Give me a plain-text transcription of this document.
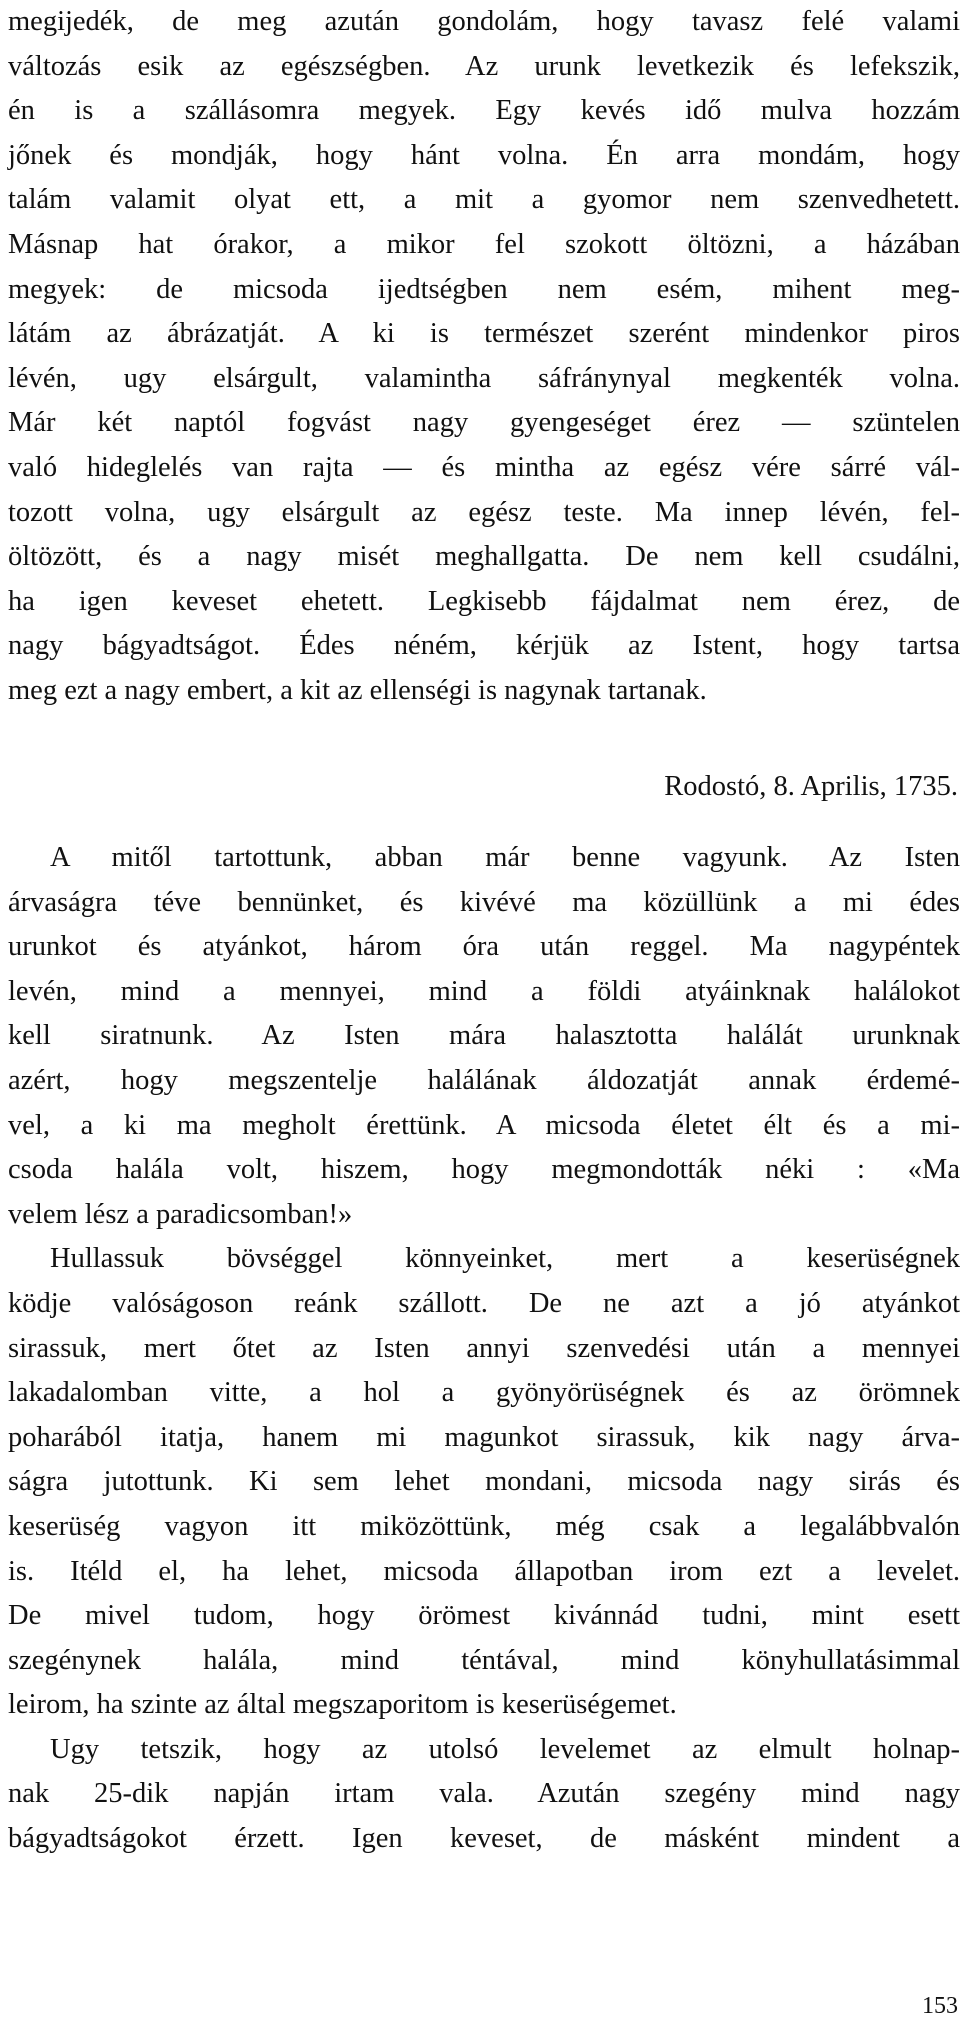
megijedék, de meg azután gondolám, hogy tavasz felé valami
változás esik az egészségben. Az urunk levetkezik és lefekszik,
én is a szállásomra megyek. Egy kevés idő mulva hozzám
jőnek és mondják, hogy hánt volna. Én arra mondám, hogy
talám valamit olyat ett, a mit a gyomor nem szenvedhetett.
Másnap hat órakor, a mikor fel szokott öltözni, a házában
megyek: de micsoda ijedtségben nem esém, mihent meg-
látám az ábrázatját. A ki is természet szerént mindenkor piros
lévén, ugy elsárgult, valamintha sáfránynyal megkenték volna.
Már két naptól fogvást nagy gyengeséget érez — szüntelen
való hideglelés van rajta — és mintha az egész vére sárré vál-
tozott volna, ugy elsárgult az egész teste. Ma innep lévén, fel-
öltözött, és a nagy misét meghallgatta. De nem kell csudálni,
ha igen keveset ehetett. Legkisebb fájdalmat nem érez, de
nagy bágyadtságot. Édes néném, kérjük az Istent, hogy tartsa
meg ezt a nagy embert, a kit az ellenségi is nagynak tartanak.
Rodostó, 8. Aprilis, 1735.
A mitől tartottunk, abban már benne vagyunk. Az Isten
árvaságra téve bennünket, és kivévé ma közüllünk a mi édes
urunkot és atyánkot, három óra után reggel. Ma nagypéntek
levén, mind a mennyei, mind a földi atyáinknak halálokot
kell siratnunk. Az Isten mára halasztotta halálát urunknak
azért, hogy megszentelje halálának áldozatját annak érdemé-
vel, a ki ma megholt érettünk. A micsoda életet élt és a mi-
csoda halála volt, hiszem, hogy megmondották néki : «Ma
velem lész a paradicsomban!»
Hullassuk bövséggel könnyeinket, mert a keserüségnek
ködje valóságoson reánk szállott. De ne azt a jó atyánkot
sirassuk, mert őtet az Isten annyi szenvedési után a mennyei
lakadalomban vitte, a hol a gyönyörüségnek és az örömnek
poharából itatja, hanem mi magunkot sirassuk, kik nagy árva-
ságra jutottunk. Ki sem lehet mondani, micsoda nagy sirás és
keserüség vagyon itt miközöttünk, még csak a legalábbvalón
is. Itéld el, ha lehet, micsoda állapotban irom ezt a levelet.
De mivel tudom, hogy örömest kivánnád tudni, mint esett
szegénynek halála, mind téntával, mind könyhullatásimmal
leirom, ha szinte az által megszaporitom is keserüségemet.
Ugy tetszik, hogy az utolsó levelemet az elmult holnap-
nak 25-dik napján irtam vala. Azután szegény mind nagy
bágyadtságokot érzett. Igen keveset, de másként mindent a
153
